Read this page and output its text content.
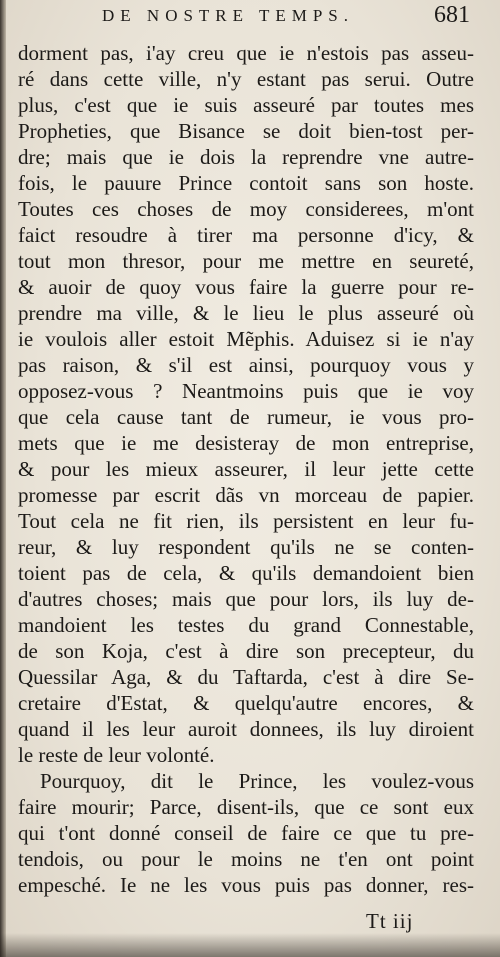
DE NOSTRE TEMPS.	681
dorment pas, i'ay creu que ie n'estois pas asseu-
ré dans cette ville, n'y estant pas serui. Outre
plus, c'est que ie suis asseuré par toutes mes
Propheties, que Bisance se doit bien-tost per-
dre; mais que ie dois la reprendre vne autre-
fois, le pauure Prince contoit sans son hoste.
Toutes ces choses de moy considerees, m'ont
faict resoudre à tirer ma personne d'icy, &
tout mon thresor, pour me mettre en seureté,
& auoir de quoy vous faire la guerre pour re-
prendre ma ville, & le lieu le plus asseuré où
ie voulois aller estoit Mẽphis. Aduisez si ie n'ay
pas raison, & s'il est ainsi, pourquoy vous y
opposez-vous ? Neantmoins puis que ie voy
que cela cause tant de rumeur, ie vous pro-
mets que ie me desisteray de mon entreprise,
& pour les mieux asseurer, il leur jette cette
promesse par escrit dãs vn morceau de papier.
Tout cela ne fit rien, ils persistent en leur fu-
reur, & luy respondent qu'ils ne se conten-
toient pas de cela, & qu'ils demandoient bien
d'autres choses; mais que pour lors, ils luy de-
mandoient les testes du grand Connestable,
de son Koja, c'est à dire son precepteur, du
Quessilar Aga, & du Taftarda, c'est à dire Se-
cretaire d'Estat, & quelqu'autre encores, &
quand il les leur auroit donnees, ils luy diroient
le reste de leur volonté.
Pourquoy, dit le Prince, les voulez-vous
faire mourir; Parce, disent-ils, que ce sont eux
qui t'ont donné conseil de faire ce que tu pre-
tendois, ou pour le moins ne t'en ont point
empesché. Ie ne les vous puis pas donner, res-
Tt iij
